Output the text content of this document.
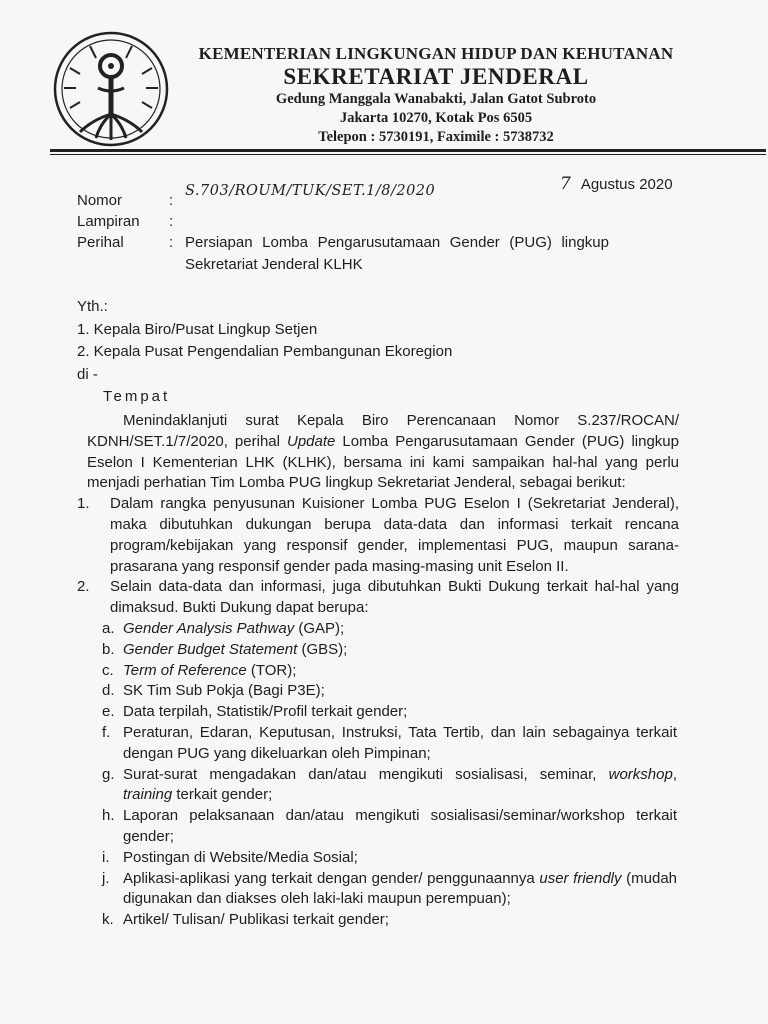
KEMENTERIAN LINGKUNGAN HIDUP DAN KEHUTANAN
SEKRETARIAT JENDERAL
Gedung Manggala Wanabakti, Jalan Gatot Subroto
Jakarta 10270, Kotak Pos 6505
Telepon : 5730191, Faximile : 5738732
7 Agustus 2020
Nomor	:
S.703/ROUM/TUK/SET.1/8/2020
Lampiran	:
Perihal	: Persiapan Lomba Pengarusutamaan Gender (PUG) lingkup Sekretariat Jenderal KLHK
Yth.:
1. Kepala Biro/Pusat Lingkup Setjen
2. Kepala Pusat Pengendalian Pembangunan Ekoregion
di -
Tempat

Menindaklanjuti surat Kepala Biro Perencanaan Nomor S.237/ROCAN/ KDNH/SET.1/7/2020, perihal Update Lomba Pengarusutamaan Gender (PUG) lingkup Eselon I Kementerian LHK (KLHK), bersama ini kami sampaikan hal-hal yang perlu menjadi perhatian Tim Lomba PUG lingkup Sekretariat Jenderal, sebagai berikut:

1.	Dalam rangka penyusunan Kuisioner Lomba PUG Eselon I (Sekretariat Jenderal), maka dibutuhkan dukungan berupa data-data dan informasi terkait rencana program/kebijakan yang responsif gender, implementasi PUG, maupun sarana-prasarana yang responsif gender pada masing-masing unit Eselon II.
2.	Selain data-data dan informasi, juga dibutuhkan Bukti Dukung terkait hal-hal yang dimaksud. Bukti Dukung dapat berupa:
a. Gender Analysis Pathway (GAP);
b. Gender Budget Statement (GBS);
c. Term of Reference (TOR);
d. SK Tim Sub Pokja (Bagi P3E);
e. Data terpilah, Statistik/Profil terkait gender;
f. Peraturan, Edaran, Keputusan, Instruksi, Tata Tertib, dan lain sebagainya terkait dengan PUG yang dikeluarkan oleh Pimpinan;
g. Surat-surat mengadakan dan/atau mengikuti sosialisasi, seminar, workshop, training terkait gender;
h. Laporan pelaksanaan dan/atau mengikuti sosialisasi/seminar/workshop terkait gender;
i. Postingan di Website/Media Sosial;
j. Aplikasi-aplikasi yang terkait dengan gender/ penggunaannya user friendly (mudah digunakan dan diakses oleh laki-laki maupun perempuan);
k. Artikel/ Tulisan/ Publikasi terkait gender;
